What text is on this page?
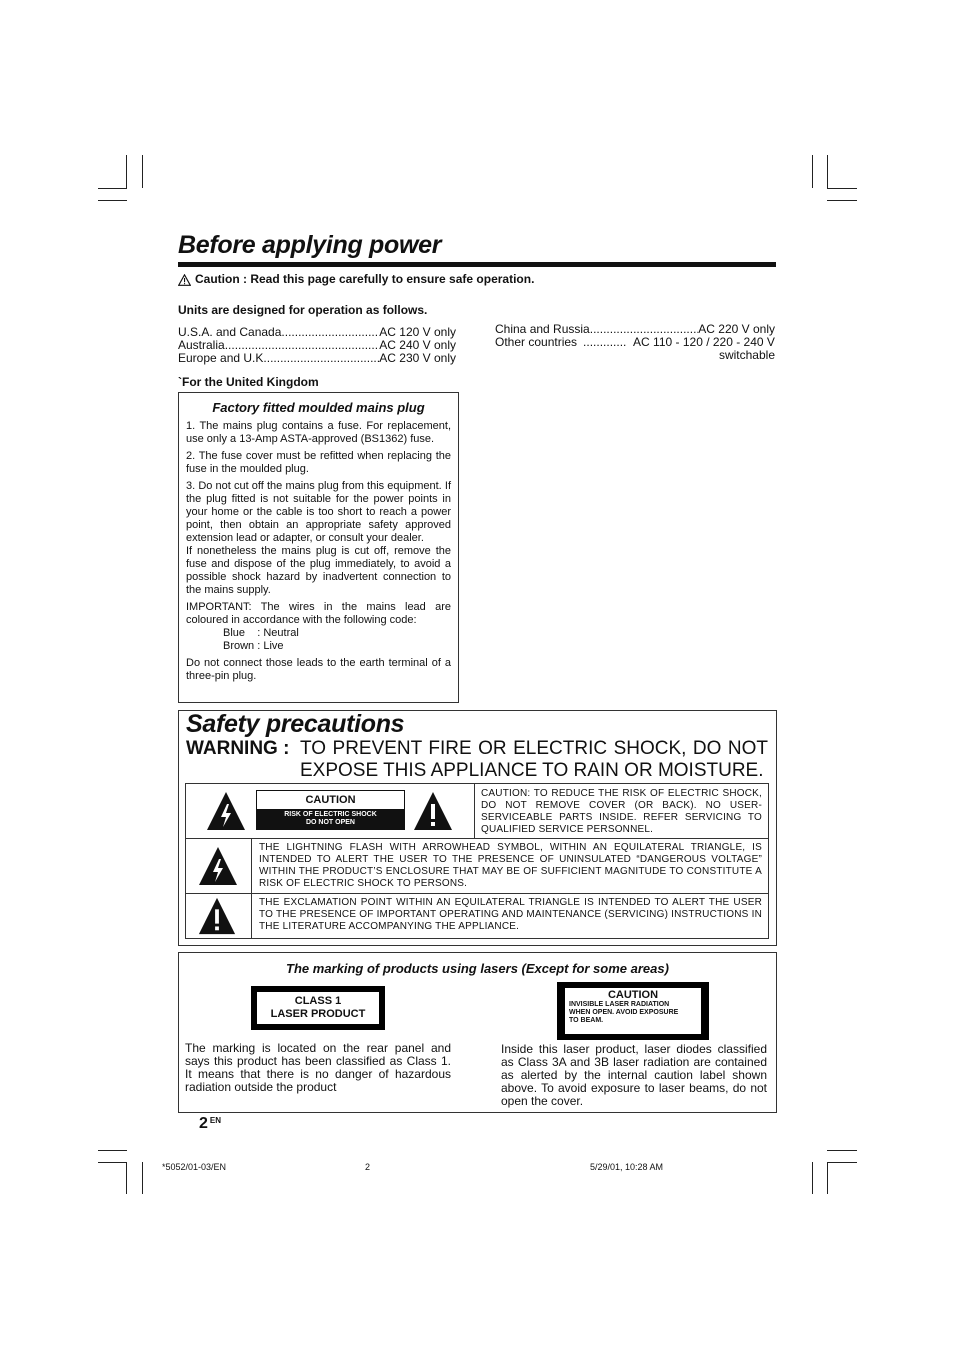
Before applying power
Caution : Read this page carefully to ensure safe operation.
Units are designed for operation as follows.
U.S.A. and Canada .....	AC 120 V only
Australia .....	AC 240 V only
Europe and U.K. .....	AC 230 V only
China and Russia .....	AC 220 V only
Other countries .....	AC 110 - 120 / 220 - 240 V
switchable
`For the United Kingdom
Factory fitted moulded mains plug

1. The mains plug contains a fuse. For replacement, use only a 13-Amp ASTA-approved (BS1362) fuse.

2. The fuse cover must be refitted when replacing the fuse in the moulded plug.

3. Do not cut off the mains plug from this equipment. If the plug fitted is not suitable for the power points in your home or the cable is too short to reach a power point, then obtain an appropriate safety approved extension lead or adapter, or consult your dealer.

If nonetheless the mains plug is cut off, remove the fuse and dispose of the plug immediately, to avoid a possible shock hazard by inadvertent connection to the mains supply.

IMPORTANT: The wires in the mains lead are coloured in accordance with the following code:

Blue    : Neutral
Brown : Live

Do not connect those leads to the earth terminal of a three-pin plug.

Safety precautions
WARNING : TO PREVENT FIRE OR ELECTRIC SHOCK, DO NOT
EXPOSE THIS APPLIANCE TO RAIN OR MOISTURE.
CAUTION
RISK OF ELECTRIC SHOCK
DO NOT OPEN
CAUTION: TO REDUCE THE RISK OF ELECTRIC SHOCK, DO NOT REMOVE COVER (OR BACK). NO USER-SERVICEABLE PARTS INSIDE. REFER SERVICING TO QUALIFIED SERVICE PERSONNEL.
THE LIGHTNING FLASH WITH ARROWHEAD SYMBOL, WITHIN AN EQUILATERAL TRIANGLE, IS INTENDED TO ALERT THE USER TO THE PRESENCE OF UNINSULATED “DANGEROUS VOLTAGE” WITHIN THE PRODUCT’S ENCLOSURE THAT MAY BE OF SUFFICIENT MAGNITUDE TO CONSTITUTE A RISK OF ELECTRIC SHOCK TO PERSONS.
THE EXCLAMATION POINT WITHIN AN EQUILATERAL TRIANGLE IS INTENDED TO ALERT THE USER TO THE PRESENCE OF IMPORTANT OPERATING AND MAINTENANCE (SERVICING) INSTRUCTIONS IN THE LITERATURE ACCOMPANYING THE APPLIANCE.
The marking of products using lasers (Except for some areas)
CLASS 1
LASER PRODUCT
CAUTION
INVISIBLE LASER RADIATION
WHEN OPEN. AVOID EXPOSURE
TO BEAM.
The marking is located on the rear panel and says this product has been classified as Class 1. It means that there is no danger of hazardous radiation outside the product
Inside this laser product, laser diodes classified as Class 3A and 3B laser radiation are contained as alerted by the internal caution label shown above. To avoid exposure to laser beams, do not open the cover.
2 EN
*5052/01-03/EN	2	5/29/01, 10:28 AM
